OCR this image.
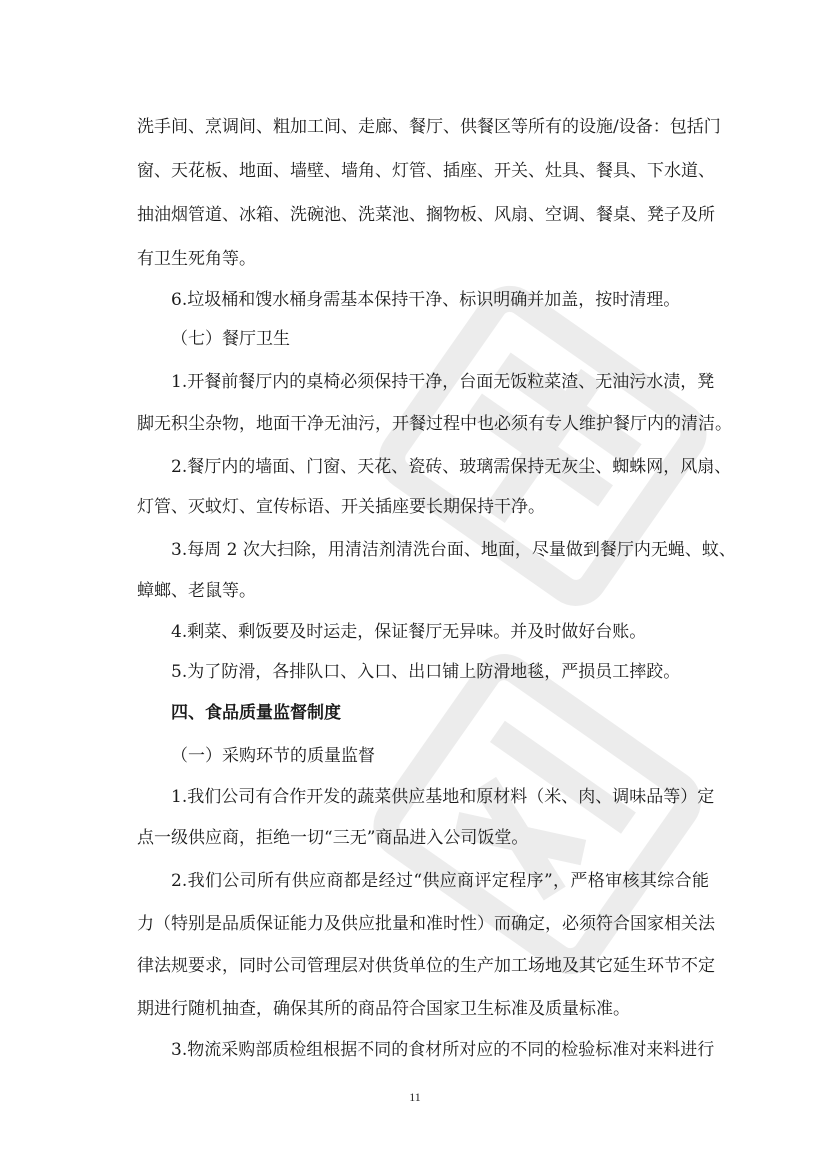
洗手间、烹调间、粗加工间、走廊、餐厅、供餐区等所有的设施/设备：包括门
窗、天花板、地面、墙壁、墙角、灯管、插座、开关、灶具、餐具、下水道、
抽油烟管道、冰箱、洗碗池、洗菜池、搁物板、风扇、空调、餐桌、凳子及所
有卫生死角等。
6.垃圾桶和馊水桶身需基本保持干净、标识明确并加盖，按时清理。
（七）餐厅卫生
1.开餐前餐厅内的桌椅必须保持干净，台面无饭粒菜渣、无油污水渍，凳
脚无积尘杂物，地面干净无油污，开餐过程中也必须有专人维护餐厅内的清洁。
2.餐厅内的墙面、门窗、天花、瓷砖、玻璃需保持无灰尘、蜘蛛网，风扇、
灯管、灭蚊灯、宣传标语、开关插座要长期保持干净。
3.每周 2 次大扫除，用清洁剂清洗台面、地面，尽量做到餐厅内无蝇、蚊、
蟑螂、老鼠等。
4.剩菜、剩饭要及时运走，保证餐厅无异味。并及时做好台账。
5.为了防滑，各排队口、入口、出口铺上防滑地毯，严损员工摔跤。
四、食品质量监督制度
（一）采购环节的质量监督
1.我们公司有合作开发的蔬菜供应基地和原材料（米、肉、调味品等）定
点一级供应商，拒绝一切“三无”商品进入公司饭堂。
2.我们公司所有供应商都是经过“供应商评定程序”，严格审核其综合能
力（特别是品质保证能力及供应批量和准时性）而确定，必须符合国家相关法
律法规要求，同时公司管理层对供货单位的生产加工场地及其它延生环节不定
期进行随机抽查，确保其所的商品符合国家卫生标准及质量标准。
3.物流采购部质检组根据不同的食材所对应的不同的检验标准对来料进行
11
